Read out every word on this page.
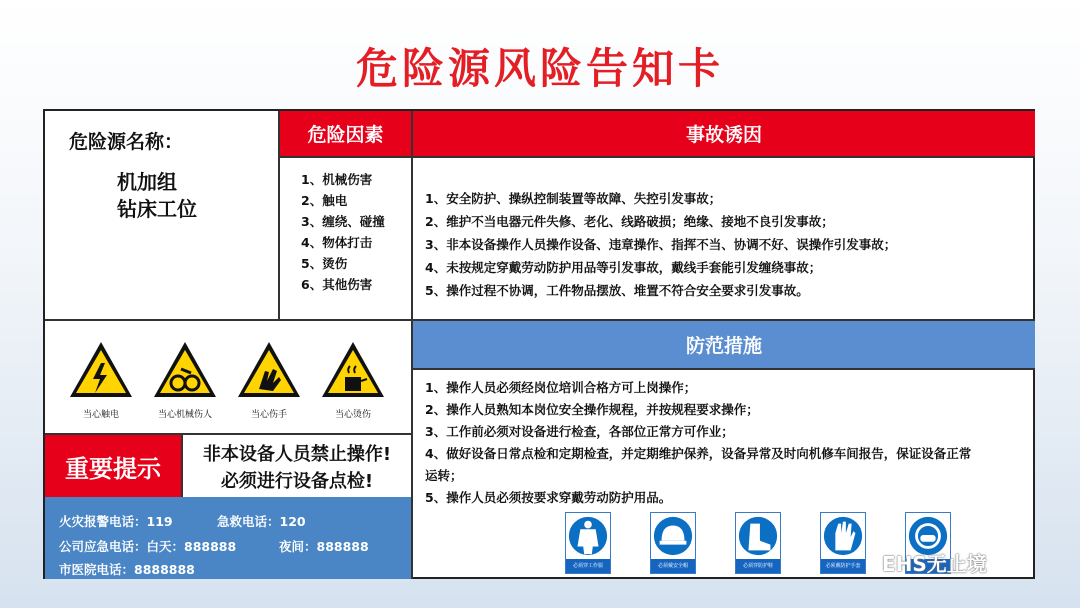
危险源风险告知卡
危险源名称：
机加组
钻床工位
危险因素
1、机械伤害
2、触电
3、缠绕、碰撞
4、物体打击
5、烫伤
6、其他伤害
事故诱因
1、安全防护、操纵控制装置等故障、失控引发事故；
2、维护不当电器元件失修、老化、线路破损；绝缘、接地不良引发事故；
3、非本设备操作人员操作设备、违章操作、指挥不当、协调不好、误操作引发事故；
4、未按规定穿戴劳动防护用品等引发事故，戴线手套能引发缠绕事故；
5、操作过程不协调，工件物品摆放、堆置不符合安全要求引发事故。
当心触电	当心机械伤人	当心伤手	当心烫伤
重要提示	非本设备人员禁止操作!
必须进行设备点检!
火灾报警电话：119	急救电话：120
公司应急电话：白天：888888	夜间：888888
市医院电话：8888888
防范措施
1、操作人员必须经岗位培训合格方可上岗操作；
2、操作人员熟知本岗位安全操作规程，并按规程要求操作；
3、工作前必须对设备进行检查，各部位正常方可作业；
4、做好设备日常点检和定期检查，并定期维护保养，设备异常及时向机修车间报告，保证设备正常
运转；
5、操作人员必须按要求穿戴劳动防护用品。
必须穿工作服	必须戴安全帽	必须穿防护鞋	必须戴防护手套 EHS无止境
